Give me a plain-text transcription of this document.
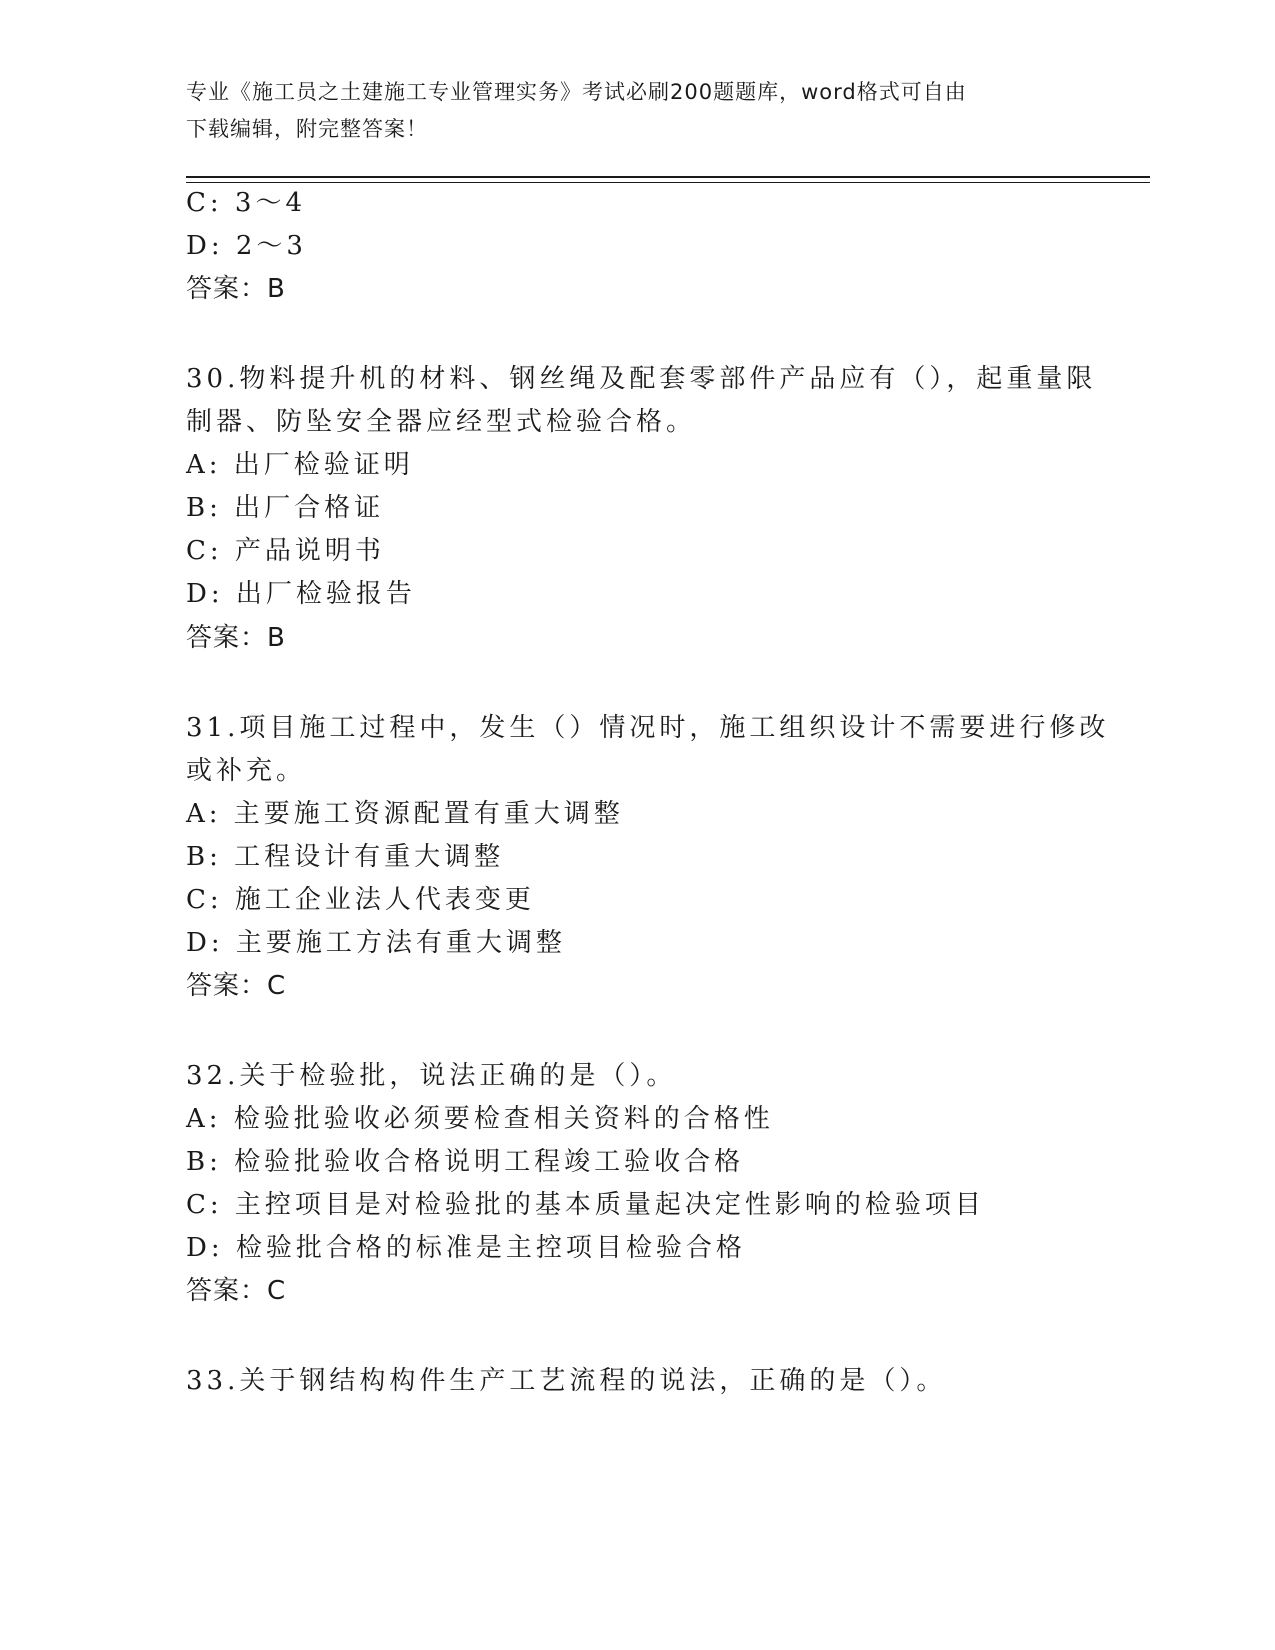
专业《施工员之土建施工专业管理实务》考试必刷200题题库，word格式可自由
下载编辑，附完整答案！
C: 3～4
D: 2～3
答案：B
30.物料提升机的材料、钢丝绳及配套零部件产品应有（），起重量限
制器、防坠安全器应经型式检验合格。
A: 出厂检验证明
B: 出厂合格证
C: 产品说明书
D: 出厂检验报告
答案：B
31.项目施工过程中，发生（）情况时，施工组织设计不需要进行修改
或补充。
A: 主要施工资源配置有重大调整
B: 工程设计有重大调整
C: 施工企业法人代表变更
D: 主要施工方法有重大调整
答案：C
32.关于检验批，说法正确的是（）。
A: 检验批验收必须要检查相关资料的合格性
B: 检验批验收合格说明工程竣工验收合格
C: 主控项目是对检验批的基本质量起决定性影响的检验项目
D: 检验批合格的标准是主控项目检验合格
答案：C
33.关于钢结构构件生产工艺流程的说法，正确的是（）。
